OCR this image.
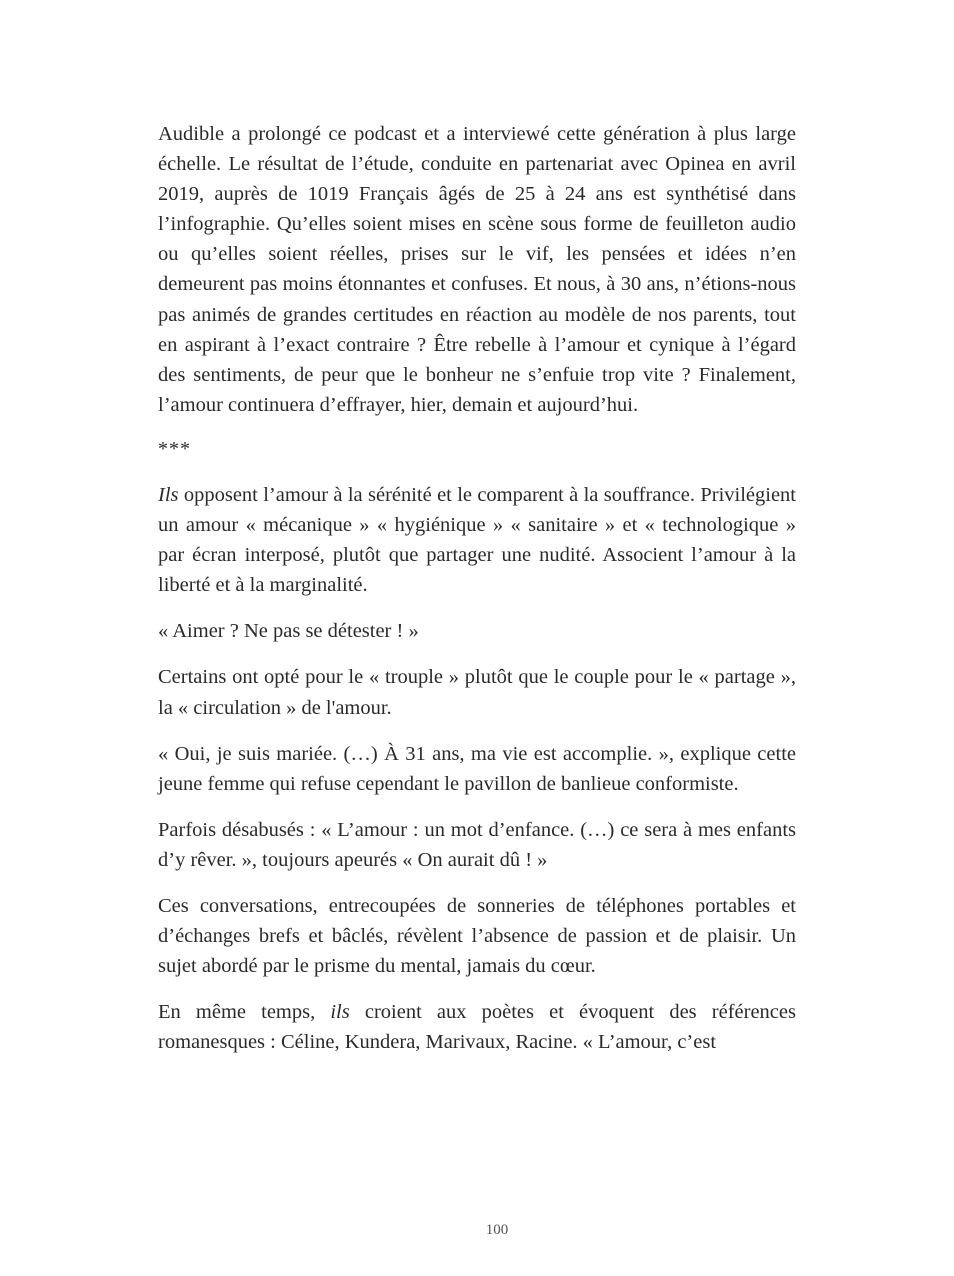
Audible a prolongé ce podcast et a interviewé cette génération à plus large échelle. Le résultat de l’étude, conduite en partenariat avec Opinea en avril 2019, auprès de 1019 Français âgés de 25 à 24 ans est synthétisé dans l’infographie. Qu’elles soient mises en scène sous forme de feuilleton audio ou qu’elles soient réelles, prises sur le vif, les pensées et idées n’en demeurent pas moins étonnantes et confuses. Et nous, à 30 ans, n’étions-nous pas animés de grandes certitudes en réaction au modèle de nos parents, tout en aspirant à l’exact contraire ? Être rebelle à l’amour et cynique à l’égard des sentiments, de peur que le bonheur ne s’enfuie trop vite ? Finalement, l’amour continuera d’effrayer, hier, demain et aujourd’hui.

***

Ils opposent l’amour à la sérénité et le comparent à la souffrance. Privilégient un amour « mécanique » « hygiénique » « sanitaire » et « technologique » par écran interposé, plutôt que partager une nudité. Associent l’amour à la liberté et à la marginalité.

« Aimer ? Ne pas se détester ! »

Certains ont opté pour le « trouple » plutôt que le couple pour le « partage », la « circulation » de l'amour.

« Oui, je suis mariée. (…) À 31 ans, ma vie est accomplie. », explique cette jeune femme qui refuse cependant le pavillon de banlieue conformiste.

Parfois désabusés : « L’amour : un mot d’enfance. (…) ce sera à mes enfants d’y rêver. », toujours apeurés « On aurait dû ! »

Ces conversations, entrecoupées de sonneries de téléphones portables et d’échanges brefs et bâclés, révèlent l’absence de passion et de plaisir. Un sujet abordé par le prisme du mental, jamais du cœur.

En même temps, ils croient aux poètes et évoquent des références romanesques : Céline, Kundera, Marivaux, Racine. « L’amour, c’est

100
